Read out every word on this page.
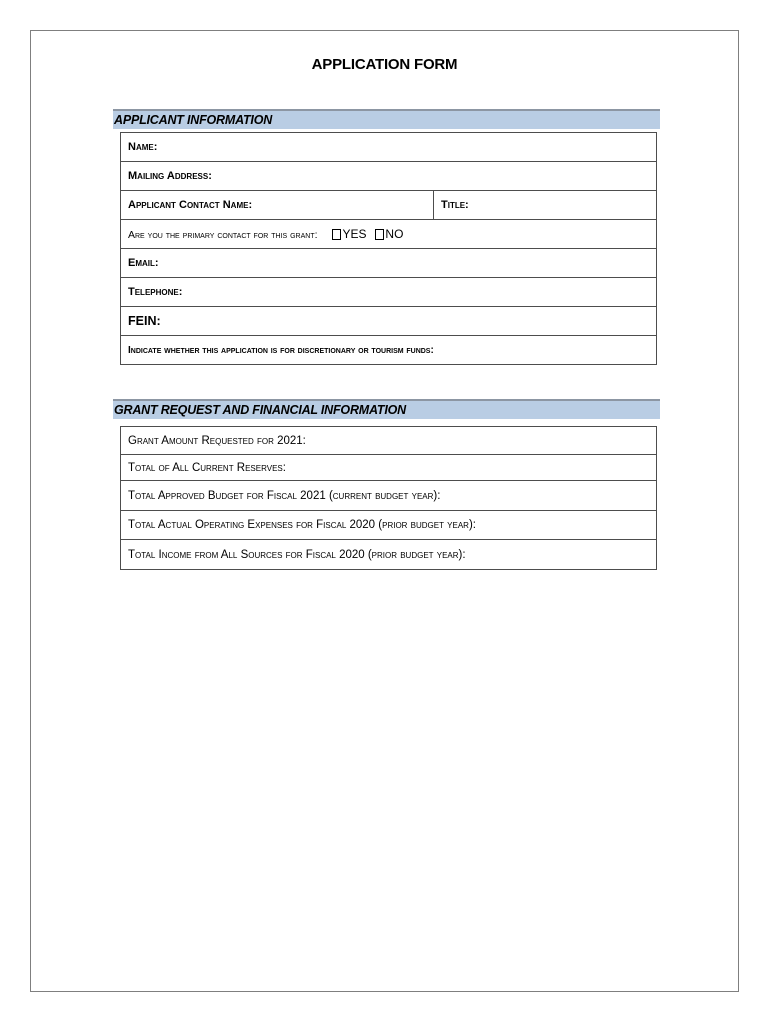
APPLICATION FORM
APPLICANT INFORMATION
Name:
Mailing Address:
Applicant Contact Name:	Title:
Are you the primary contact for this grant: YES NO
Email:
Telephone:
FEIN:
Indicate whether this application is for discretionary or tourism funds:
GRANT REQUEST AND FINANCIAL INFORMATION
Grant Amount Requested for 2021:
Total of All Current Reserves:
Total Approved Budget for Fiscal 2021 (current budget year):
Total Actual Operating Expenses for Fiscal 2020 (prior budget year):
Total Income from All Sources for Fiscal 2020 (prior budget year):
